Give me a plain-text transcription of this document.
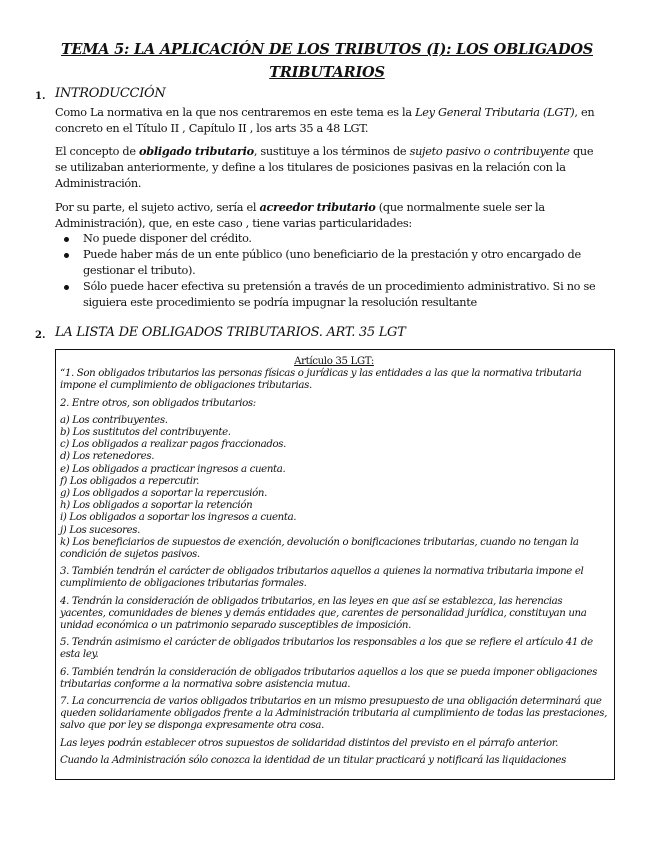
TEMA 5: LA APLICACIÓN DE LOS TRIBUTOS (I): LOS OBLIGADOS
TRIBUTARIOS
1. INTRODUCCIÓN
Como La normativa en la que nos centraremos en este tema es la Ley General Tributaria (LGT), en concreto en el Título II , Capítulo II , los arts 35 a 48 LGT.
El concepto de obligado tributario, sustituye a los términos de sujeto pasivo o contribuyente que se utilizaban anteriormente, y define a los titulares de posiciones pasivas en la relación con la Administración.
Por su parte, el sujeto activo, sería el acreedor tributario (que normalmente suele ser la Administración), que, en este caso , tiene varias particularidades:
No puede disponer del crédito.
Puede haber más de un ente público (uno beneficiario de la prestación y otro encargado de gestionar el tributo).
Sólo puede hacer efectiva su pretensión a través de un procedimiento administrativo. Si no se siguiera este procedimiento se podría impugnar la resolución resultante
2. LA LISTA DE OBLIGADOS TRIBUTARIOS. ART. 35 LGT
Artículo 35 LGT:
“1. Son obligados tributarios las personas físicas o jurídicas y las entidades a las que la normativa tributaria impone el cumplimiento de obligaciones tributarias.
2. Entre otros, son obligados tributarios:
a) Los contribuyentes.
b) Los sustitutos del contribuyente.
c) Los obligados a realizar pagos fraccionados.
d) Los retenedores.
e) Los obligados a practicar ingresos a cuenta.
f) Los obligados a repercutir.
g) Los obligados a soportar la repercusión.
h) Los obligados a soportar la retención
i) Los obligados a soportar los ingresos a cuenta.
j) Los sucesores.
k) Los beneficiarios de supuestos de exención, devolución o bonificaciones tributarias, cuando no tengan la condición de sujetos pasivos.
3. También tendrán el carácter de obligados tributarios aquellos a quienes la normativa tributaria impone el cumplimiento de obligaciones tributarias formales.
4. Tendrán la consideración de obligados tributarios, en las leyes en que así se establezca, las herencias yacentes, comunidades de bienes y demás entidades que, carentes de personalidad jurídica, constituyan una unidad económica o un patrimonio separado susceptibles de imposición.
5. Tendrán asimismo el carácter de obligados tributarios los responsables a los que se refiere el artículo 41 de esta ley.
6. También tendrán la consideración de obligados tributarios aquellos a los que se pueda imponer obligaciones tributarias conforme a la normativa sobre asistencia mutua.
7. La concurrencia de varios obligados tributarios en un mismo presupuesto de una obligación determinará que queden solidariamente obligados frente a la Administración tributaria al cumplimiento de todas las prestaciones, salvo que por ley se disponga expresamente otra cosa.
Las leyes podrán establecer otros supuestos de solidaridad distintos del previsto en el párrafo anterior.
Cuando la Administración sólo conozca la identidad de un titular practicará y notificará las liquidaciones
